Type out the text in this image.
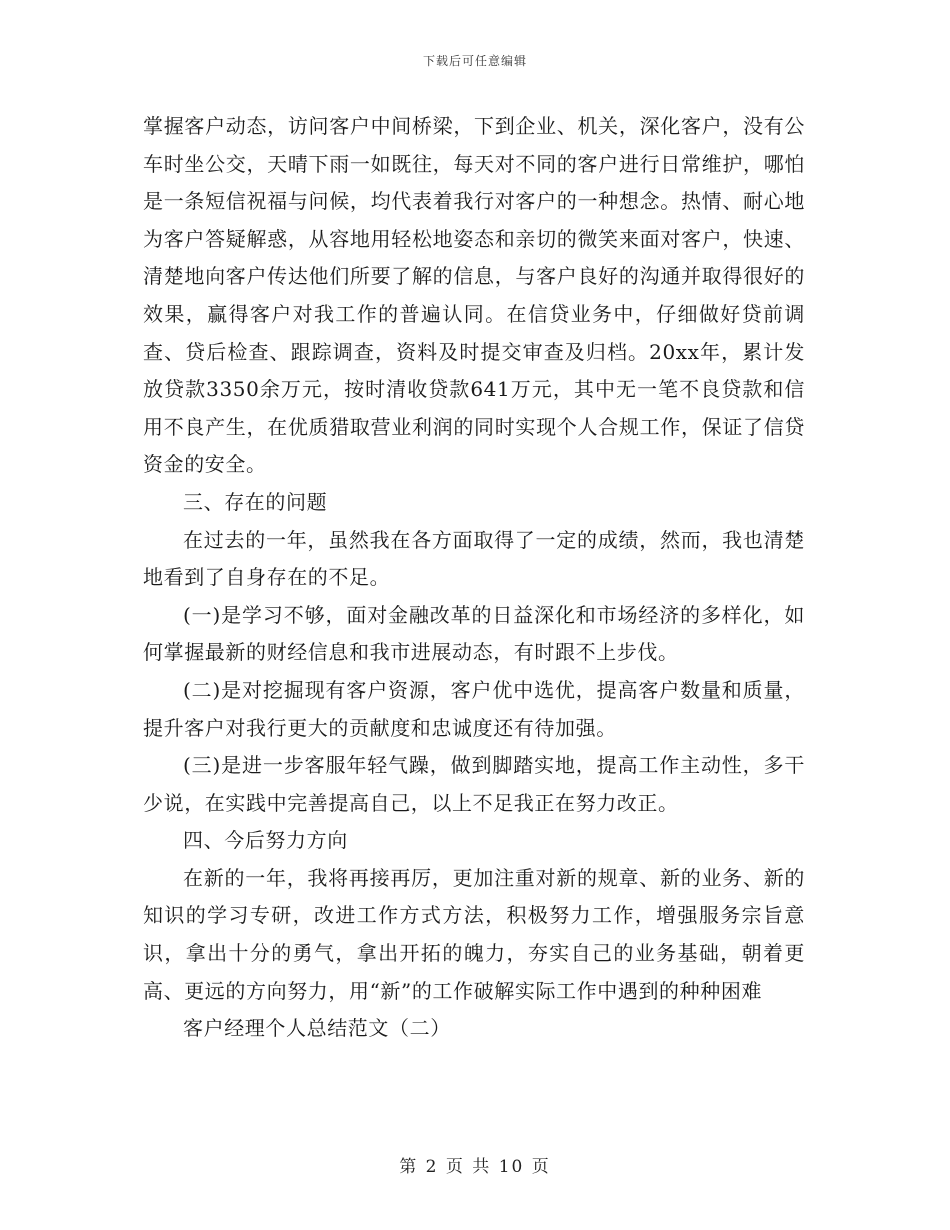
下载后可任意编辑

掌握客户动态，访问客户中间桥梁，下到企业、机关，深化客户，没有公车时坐公交，天晴下雨一如既往，每天对不同的客户进行日常维护，哪怕是一条短信祝福与问候，均代表着我行对客户的一种想念。热情、耐心地为客户答疑解惑，从容地用轻松地姿态和亲切的微笑来面对客户，快速、清楚地向客户传达他们所要了解的信息，与客户良好的沟通并取得很好的效果，赢得客户对我工作的普遍认同。在信贷业务中，仔细做好贷前调查、贷后检查、跟踪调查，资料及时提交审查及归档。20xx年，累计发放贷款3350余万元，按时清收贷款641万元，其中无一笔不良贷款和信用不良产生，在优质猎取营业利润的同时实现个人合规工作，保证了信贷资金的安全。

三、存在的问题

在过去的一年，虽然我在各方面取得了一定的成绩，然而，我也清楚地看到了自身存在的不足。

(一)是学习不够，面对金融改革的日益深化和市场经济的多样化，如何掌握最新的财经信息和我市进展动态，有时跟不上步伐。

(二)是对挖掘现有客户资源，客户优中选优，提高客户数量和质量，提升客户对我行更大的贡献度和忠诚度还有待加强。

(三)是进一步客服年轻气躁，做到脚踏实地，提高工作主动性，多干少说，在实践中完善提高自己，以上不足我正在努力改正。

四、今后努力方向

在新的一年，我将再接再厉，更加注重对新的规章、新的业务、新的知识的学习专研，改进工作方式方法，积极努力工作，增强服务宗旨意识，拿出十分的勇气，拿出开拓的魄力，夯实自己的业务基础，朝着更高、更远的方向努力，用“新”的工作破解实际工作中遇到的种种困难

客户经理个人总结范文（二）

第 2 页 共 10 页
